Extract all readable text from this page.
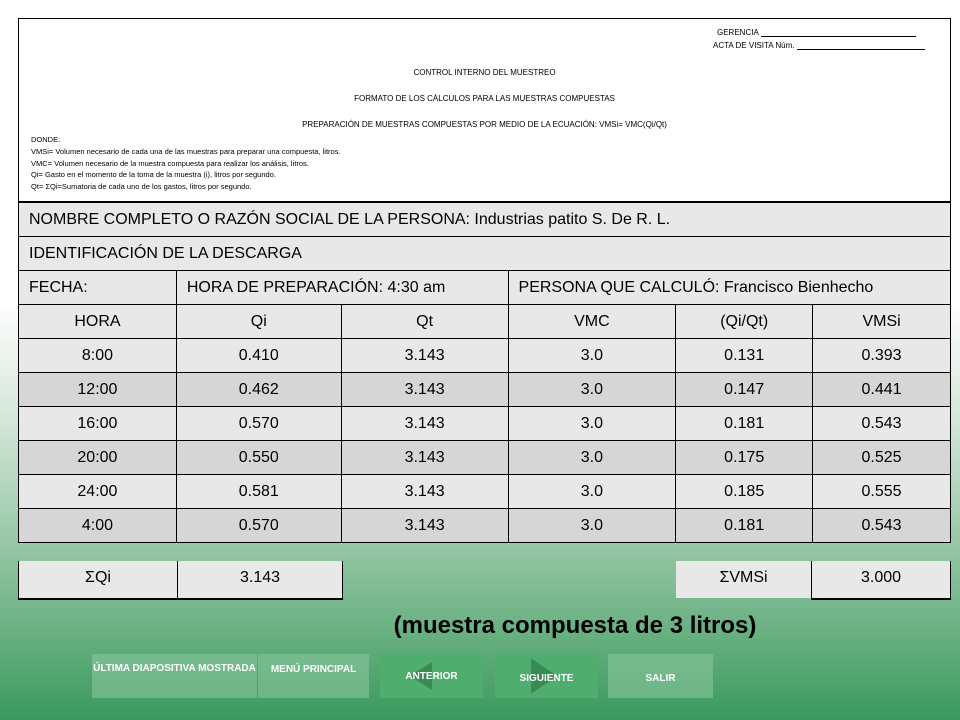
GERENCIA
ACTA DE VISITA Núm.
CONTROL INTERNO DEL MUESTREO
FORMATO DE LOS CÁLCULOS PARA LAS MUESTRAS COMPUESTAS
PREPARACIÓN DE MUESTRAS COMPUESTAS POR MEDIO DE LA ECUACIÓN: VMSi= VMC(Qi/Qt)
DONDE:
VMSi= Volumen necesario de cada una de las muestras para preparar una compuesta, litros.
VMC= Volumen necesario de la muestra compuesta para realizar los análisis, litros.
Qi= Gasto en el momento de la toma de la muestra (i), litros por segundo.
Qt= ΣQi=Sumatoria de cada uno de los gastos, litros por segundo.
NOMBRE COMPLETO O RAZÓN SOCIAL DE LA PERSONA: Industrias patito S. De R. L.					
IDENTIFICACIÓN DE LA DESCARGA					
FECHA:	HORA DE PREPARACIÓN: 4:30 am		PERSONA QUE CALCULÓ: Francisco Bienhecho		
HORA	Qi	Qt	VMC	(Qi/Qt)	VMSi
8:00	0.410	3.143	3.0	0.131	0.393
12:00	0.462	3.143	3.0	0.147	0.441
16:00	0.570	3.143	3.0	0.181	0.543
20:00	0.550	3.143	3.0	0.175	0.525
24:00	0.581	3.143	3.0	0.185	0.555
4:00	0.570	3.143	3.0	0.181	0.543
ΣQi	3.143	ΣVMSi	3.000
(muestra compuesta de 3 litros)
ÚLTIMA DIAPOSITIVA MOSTRADA	MENÚ PRINCIPAL
ANTERIOR	SIGUIENTE	SALIR
